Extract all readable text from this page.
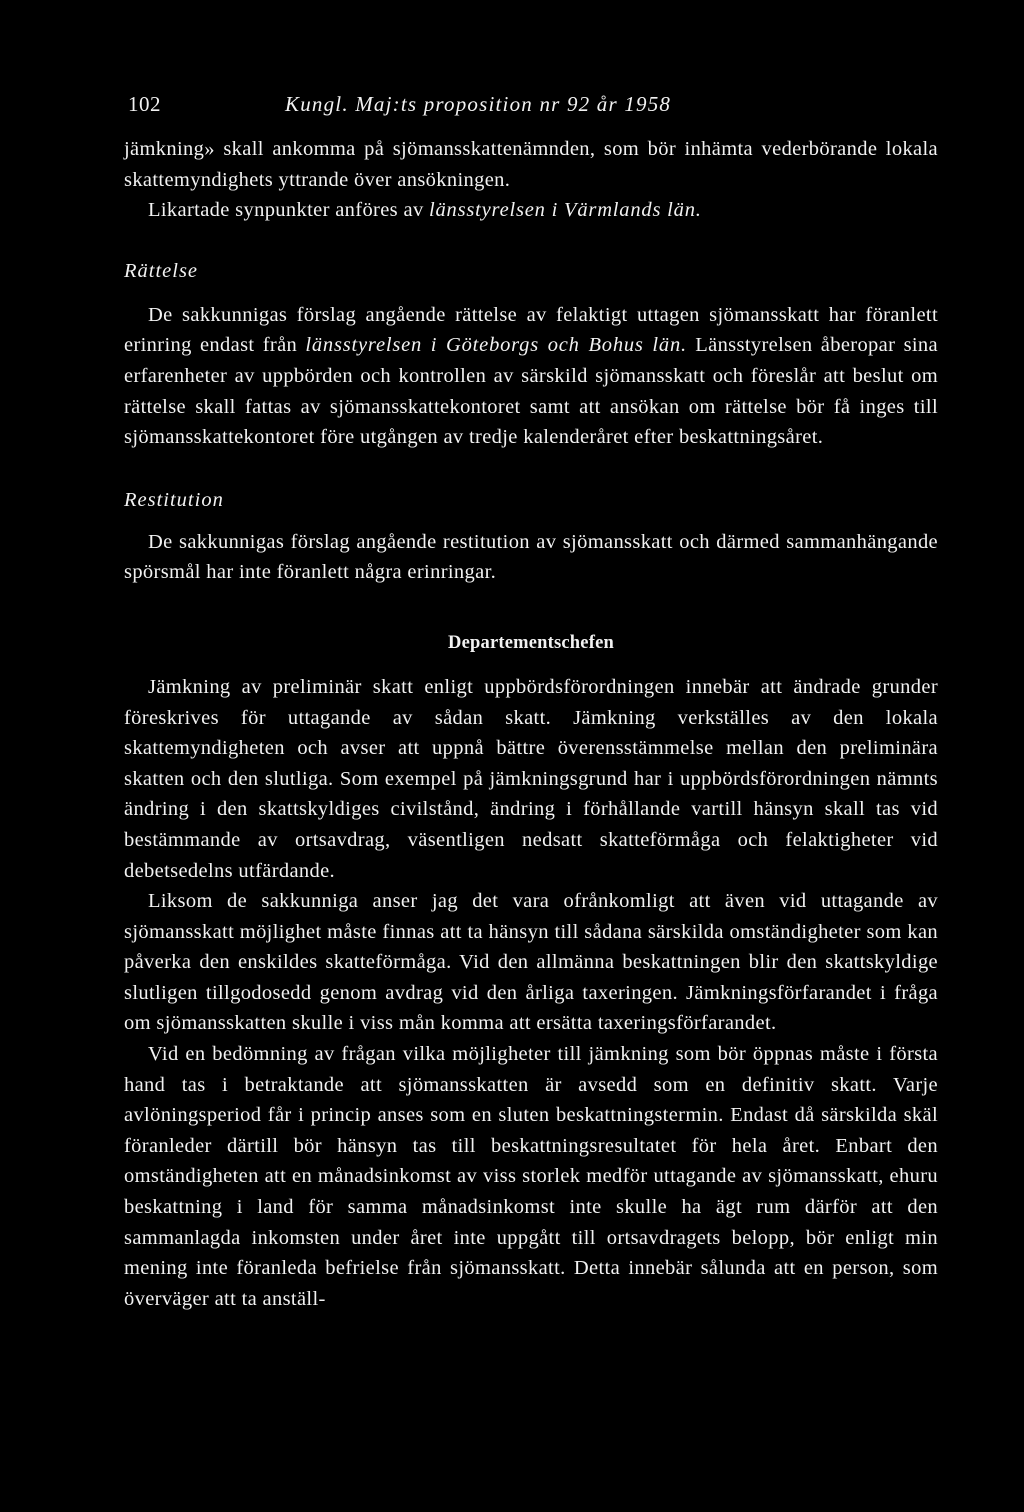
102	Kungl. Maj:ts proposition nr 92 år 1958

jämkning» skall ankomma på sjömansskattenämnden, som bör inhämta vederbörande lokala skattemyndighets yttrande över ansökningen.

Likartade synpunkter anföres av länsstyrelsen i Värmlands län.

Rättelse

De sakkunnigas förslag angående rättelse av felaktigt uttagen sjömansskatt har föranlett erinring endast från länsstyrelsen i Göteborgs och Bohus län. Länsstyrelsen åberopar sina erfarenheter av uppbörden och kontrollen av särskild sjömansskatt och föreslår att beslut om rättelse skall fattas av sjömansskattekontoret samt att ansökan om rättelse bör få inges till sjömansskattekontoret före utgången av tredje kalenderåret efter beskattningsåret.

Restitution

De sakkunnigas förslag angående restitution av sjömansskatt och därmed sammanhängande spörsmål har inte föranlett några erinringar.

Departementschefen

Jämkning av preliminär skatt enligt uppbördsförordningen innebär att ändrade grunder föreskrives för uttagande av sådan skatt. Jämkning verkställes av den lokala skattemyndigheten och avser att uppnå bättre överensstämmelse mellan den preliminära skatten och den slutliga. Som exempel på jämkningsgrund har i uppbördsförordningen nämnts ändring i den skattskyldiges civilstånd, ändring i förhållande vartill hänsyn skall tas vid bestämmande av ortsavdrag, väsentligen nedsatt skatteförmåga och felaktigheter vid debetsedelns utfärdande.

Liksom de sakkunniga anser jag det vara ofrånkomligt att även vid uttagande av sjömansskatt möjlighet måste finnas att ta hänsyn till sådana särskilda omständigheter som kan påverka den enskildes skatteförmåga. Vid den allmänna beskattningen blir den skattskyldige slutligen tillgodosedd genom avdrag vid den årliga taxeringen. Jämkningsförfarandet i fråga om sjömansskatten skulle i viss mån komma att ersätta taxeringsförfarandet.

Vid en bedömning av frågan vilka möjligheter till jämkning som bör öppnas måste i första hand tas i betraktande att sjömansskatten är avsedd som en definitiv skatt. Varje avlöningsperiod får i princip anses som en sluten beskattningstermin. Endast då särskilda skäl föranleder därtill bör hänsyn tas till beskattningsresultatet för hela året. Enbart den omständigheten att en månadsinkomst av viss storlek medför uttagande av sjömansskatt, ehuru beskattning i land för samma månadsinkomst inte skulle ha ägt rum därför att den sammanlagda inkomsten under året inte uppgått till ortsavdragets belopp, bör enligt min mening inte föranleda befrielse från sjömansskatt. Detta innebär sålunda att en person, som överväger att ta anställ-
